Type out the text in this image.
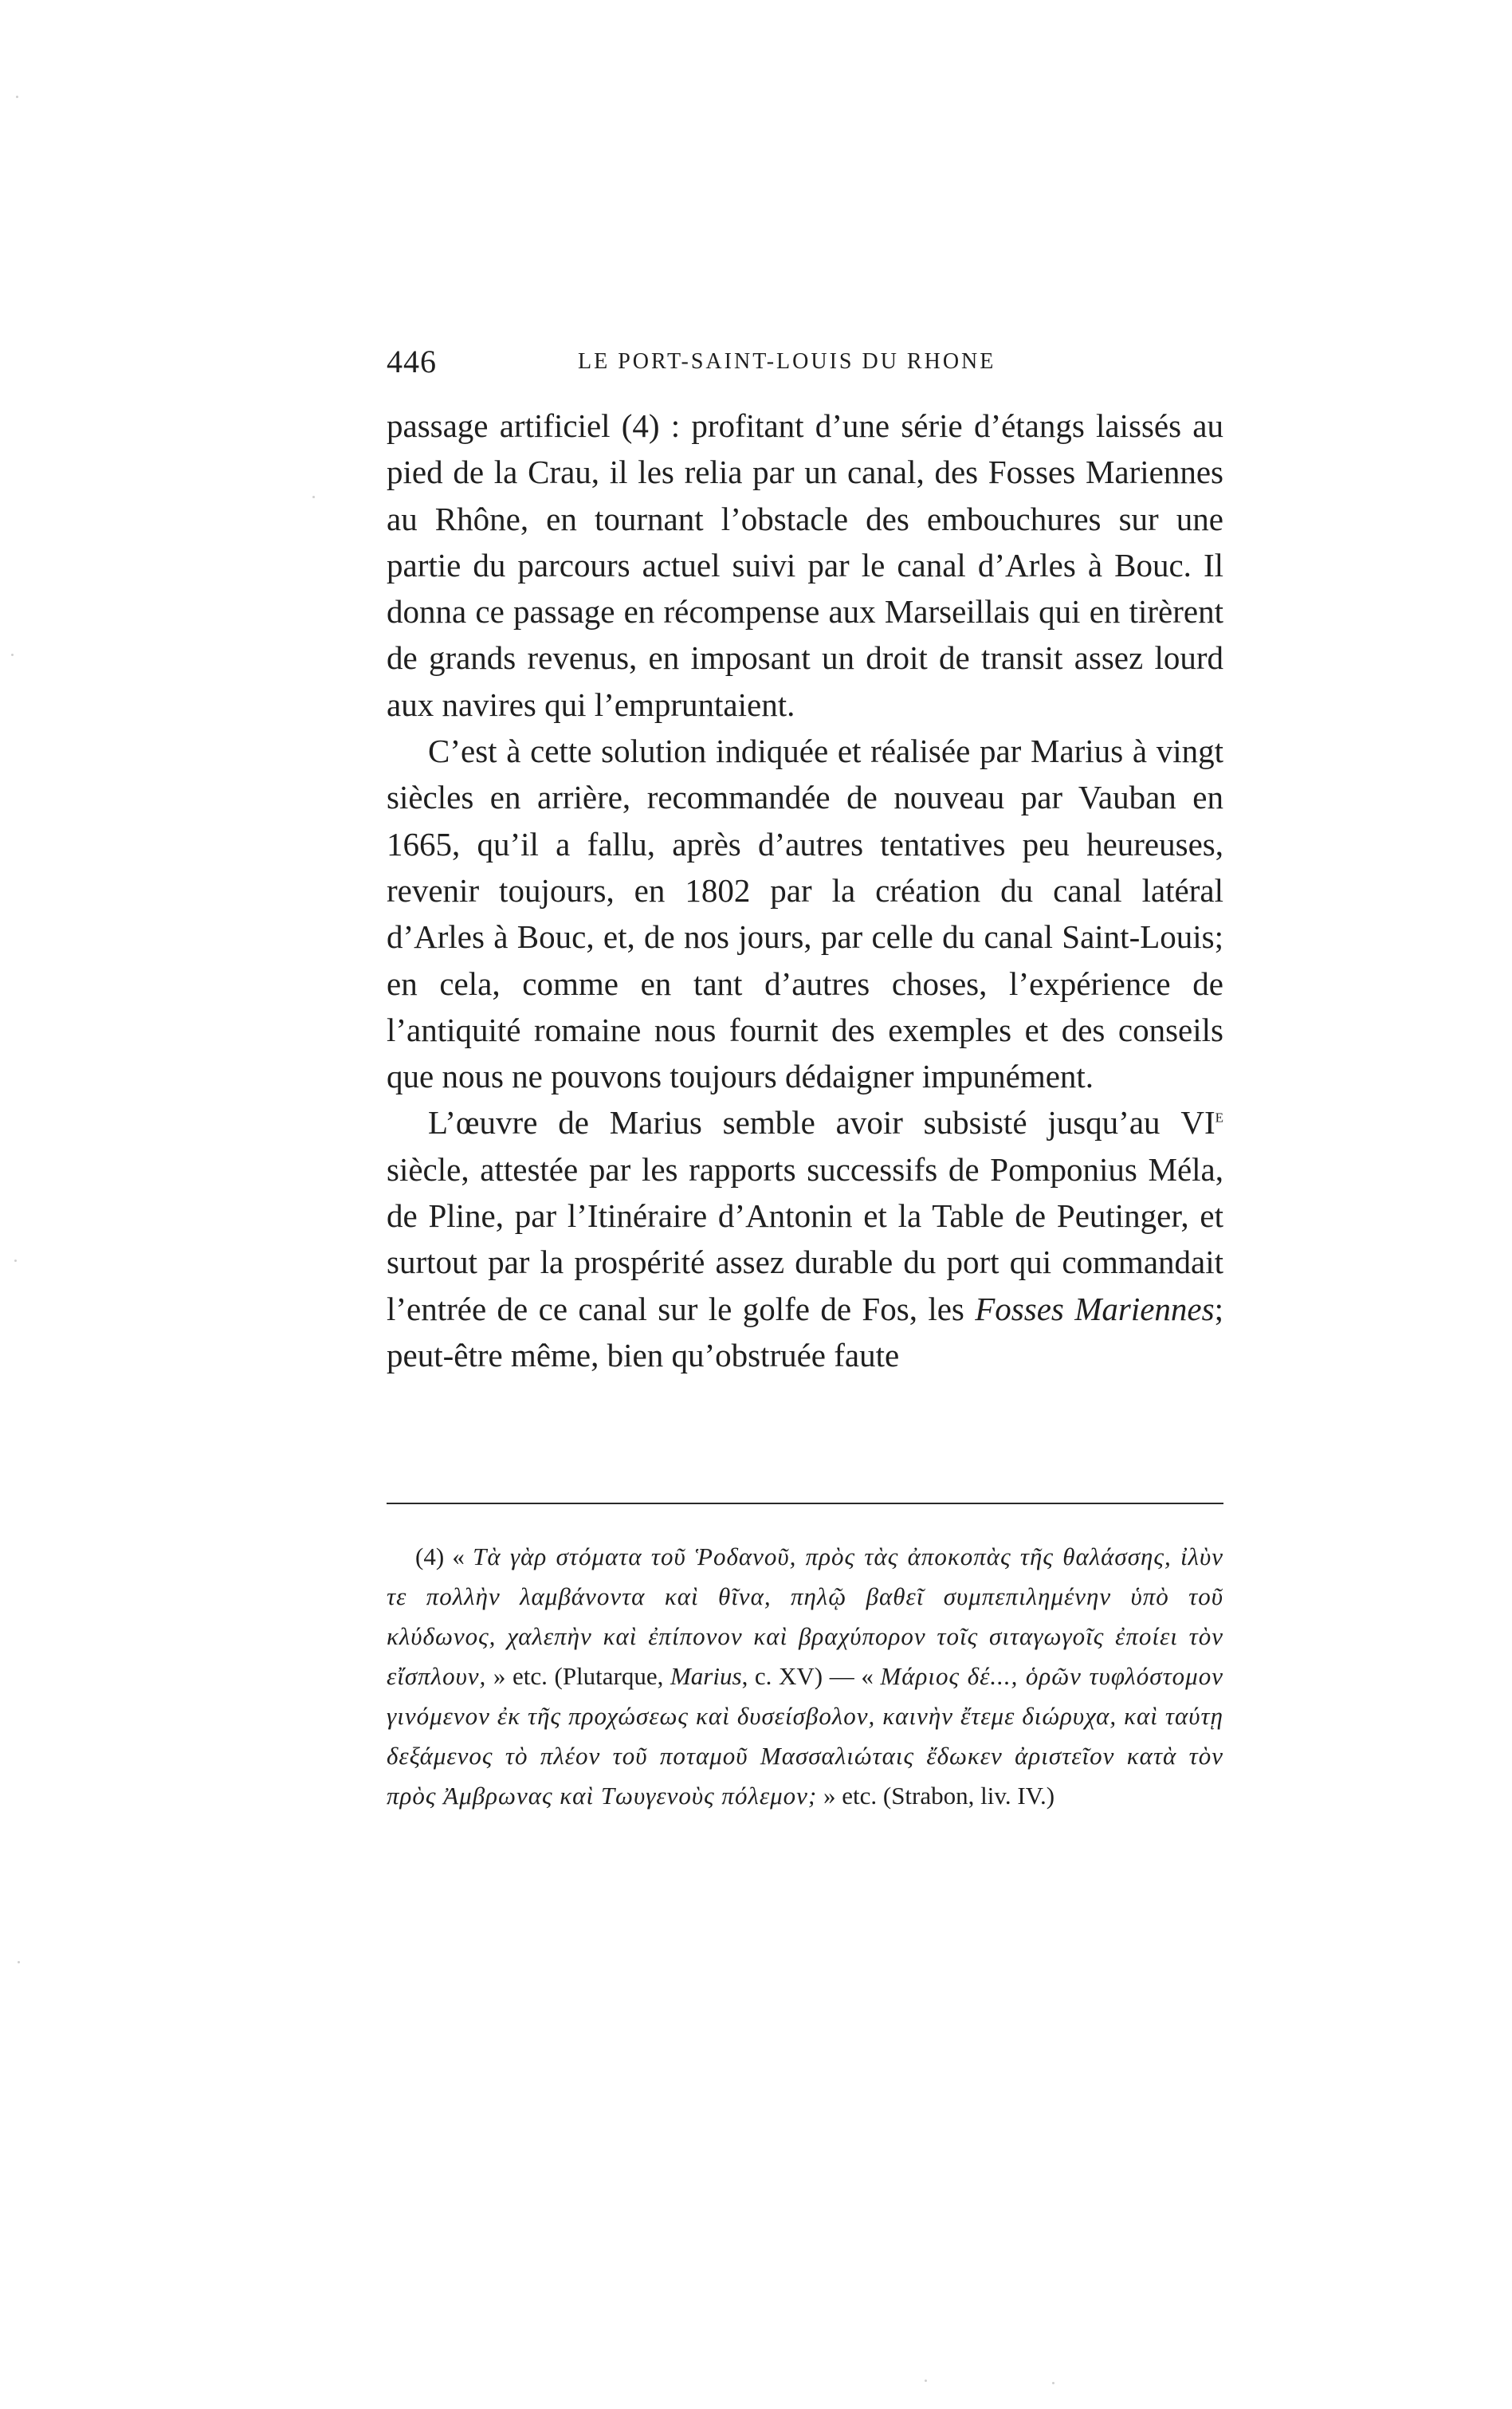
446	LE PORT-SAINT-LOUIS DU RHONE

passage artificiel (4) : profitant d’une série d’étangs laissés au pied de la Crau, il les relia par un canal, des Fosses Mariennes au Rhône, en tournant l’obstacle des embouchures sur une partie du parcours actuel suivi par le canal d’Arles à Bouc. Il donna ce passage en récompense aux Marseillais qui en tirèrent de grands revenus, en imposant un droit de transit assez lourd aux navires qui l’empruntaient.

C’est à cette solution indiquée et réalisée par Marius à vingt siècles en arrière, recommandée de nouveau par Vauban en 1665, qu’il a fallu, après d’autres tentatives peu heureuses, revenir toujours, en 1802 par la création du canal latéral d’Arles à Bouc, et, de nos jours, par celle du canal Saint-Louis; en cela, comme en tant d’autres choses, l’expérience de l’antiquité romaine nous fournit des exemples et des conseils que nous ne pouvons toujours dédaigner impunément.

L’œuvre de Marius semble avoir subsisté jusqu’au VIe siècle, attestée par les rapports successifs de Pomponius Méla, de Pline, par l’Itinéraire d’Antonin et la Table de Peutinger, et surtout par la prospérité assez durable du port qui commandait l’entrée de ce canal sur le golfe de Fos, les Fosses Mariennes; peut-être même, bien qu’obstruée faute

(4) « Τὰ γὰρ στόματα τοῦ Ῥοδανοῦ, πρὸς τὰς ἀποκοπὰς τῆς θαλάσσης, ἰλὺν τε πολλὴν λαμβάνοντα καὶ θῖνα, πηλῷ βαθεῖ συμπεπιλημένην ὑπὸ τοῦ κλύδωνος, χαλεπὴν καὶ ἐπίπονον καὶ βραχύπορον τοῖς σιταγωγοῖς ἐποίει τὸν εἴσπλουν, » etc. (Plutarque, Marius, c. XV) — « Μάριος δέ..., ὁρῶν τυφλόστομον γινόμενον ἐκ τῆς προχώσεως καὶ δυσείσβολον, καινὴν ἔτεμε διώρυχα, καὶ ταύτῃ δεξάμενος τὸ πλέον τοῦ ποταμοῦ Μασσαλιώταις ἔδωκεν ἀριστεῖον κατὰ τὸν πρὸς Ἀμβρωνας καὶ Τωυγενοὺς πόλεμον; » etc. (Strabon, liv. IV.)
